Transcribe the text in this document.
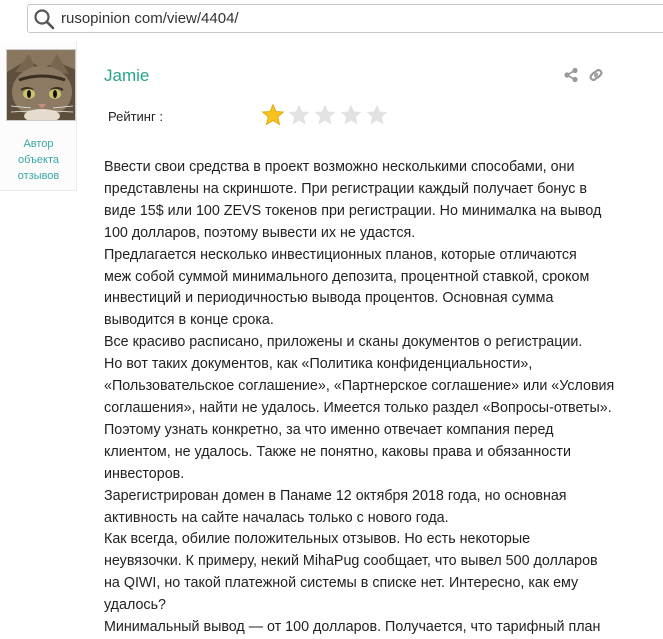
rusopinion com/view/4404/
Автор объекта отзывов
Jamie
Рейтинг :
Ввести свои средства в проект возможно несколькими способами, они
представлены на скриншоте. При регистрации каждый получает бонус в
виде 15$ или 100 ZEVS токенов при регистрации. Но минималка на вывод
100 долларов, поэтому вывести их не удастся.
Предлагается несколько инвестиционных планов, которые отличаются
меж собой суммой минимального депозита, процентной ставкой, сроком
инвестиций и периодичностью вывода процентов. Основная сумма
выводится в конце срока.
Все красиво расписано, приложены и сканы документов о регистрации.
Но вот таких документов, как «Политика конфиденциальности»,
«Пользовательское соглашение», «Партнерское соглашение» или «Условия
соглашения», найти не удалось. Имеется только раздел «Вопросы-ответы».
Поэтому узнать конкретно, за что именно отвечает компания перед
клиентом, не удалось. Также не понятно, каковы права и обязанности
инвесторов.
Зарегистрирован домен в Панаме 12 октября 2018 года, но основная
активность на сайте началась только с нового года.
Как всегда, обилие положительных отзывов. Но есть некоторые
неувязочки. К примеру, некий MihaPug сообщает, что вывел 500 долларов
на QIWI, но такой платежной системы в списке нет. Интересно, как ему
удалось?
Минимальный вывод — от 100 долларов. Получается, что тарифный план
